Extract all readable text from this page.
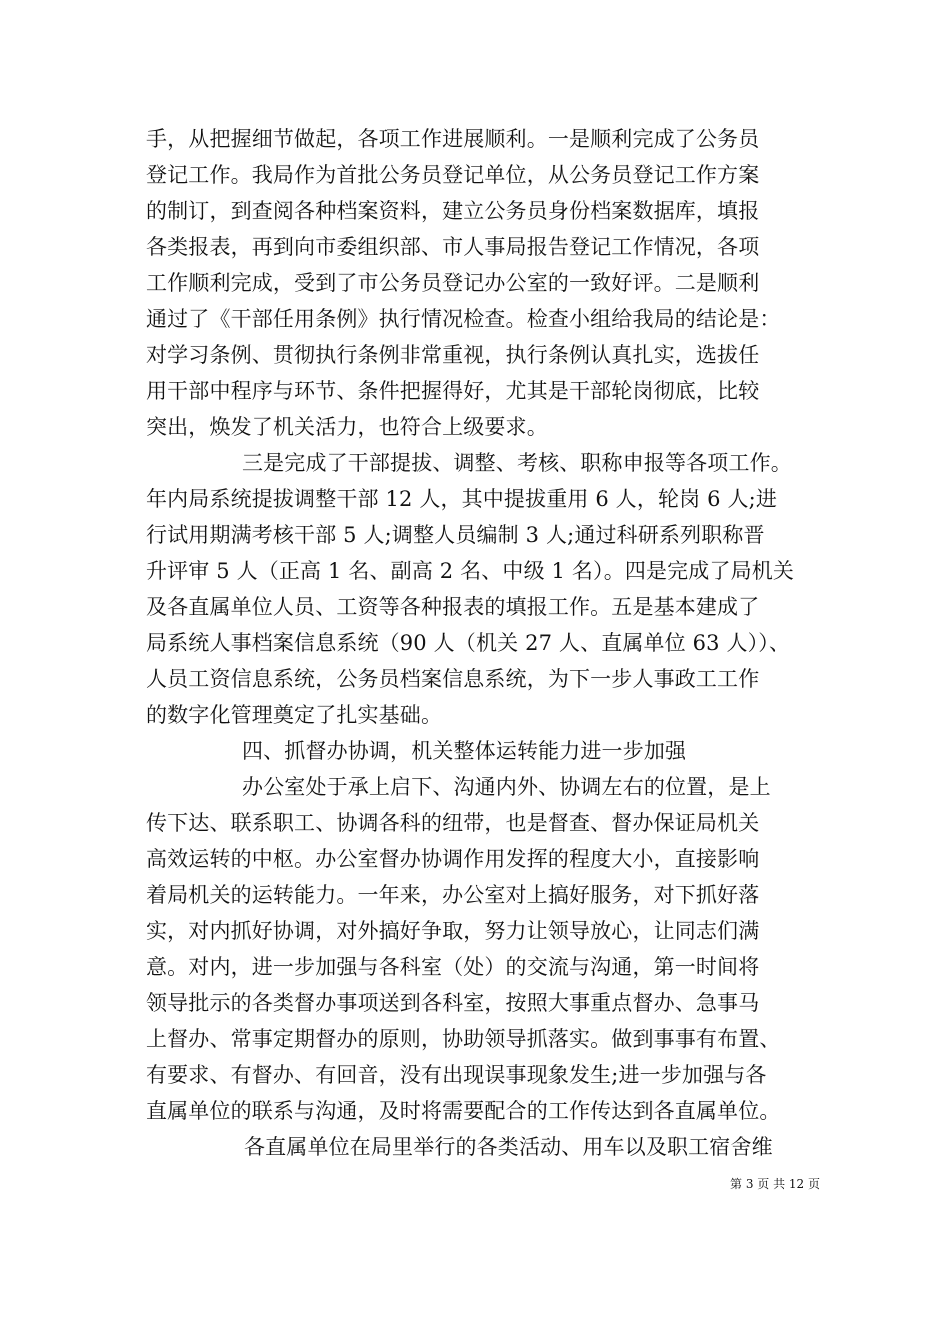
手，从把握细节做起，各项工作进展顺利。一是顺利完成了公务员
登记工作。我局作为首批公务员登记单位，从公务员登记工作方案
的制订，到查阅各种档案资料，建立公务员身份档案数据库，填报
各类报表，再到向市委组织部、市人事局报告登记工作情况，各项
工作顺利完成，受到了市公务员登记办公室的一致好评。二是顺利
通过了《干部任用条例》执行情况检查。检查小组给我局的结论是：
对学习条例、贯彻执行条例非常重视，执行条例认真扎实，选拔任
用干部中程序与环节、条件把握得好，尤其是干部轮岗彻底，比较
突出，焕发了机关活力，也符合上级要求。
三是完成了干部提拔、调整、考核、职称申报等各项工作。
年内局系统提拔调整干部 12 人，其中提拔重用 6 人，轮岗 6 人;进
行试用期满考核干部 5 人;调整人员编制 3 人;通过科研系列职称晋
升评审 5 人（正高 1 名、副高 2 名、中级 1 名）。四是完成了局机关
及各直属单位人员、工资等各种报表的填报工作。五是基本建成了
局系统人事档案信息系统（90 人（机关 27 人、直属单位 63 人））、
人员工资信息系统，公务员档案信息系统，为下一步人事政工工作
的数字化管理奠定了扎实基础。
四、抓督办协调，机关整体运转能力进一步加强
办公室处于承上启下、沟通内外、协调左右的位置，是上
传下达、联系职工、协调各科的纽带，也是督查、督办保证局机关
高效运转的中枢。办公室督办协调作用发挥的程度大小，直接影响
着局机关的运转能力。一年来，办公室对上搞好服务，对下抓好落
实，对内抓好协调，对外搞好争取，努力让领导放心，让同志们满
意。对内，进一步加强与各科室（处）的交流与沟通，第一时间将
领导批示的各类督办事项送到各科室，按照大事重点督办、急事马
上督办、常事定期督办的原则，协助领导抓落实。做到事事有布置、
有要求、有督办、有回音，没有出现误事现象发生;进一步加强与各
直属单位的联系与沟通，及时将需要配合的工作传达到各直属单位。
各直属单位在局里举行的各类活动、用车以及职工宿舍维
第 3 页 共 12 页
